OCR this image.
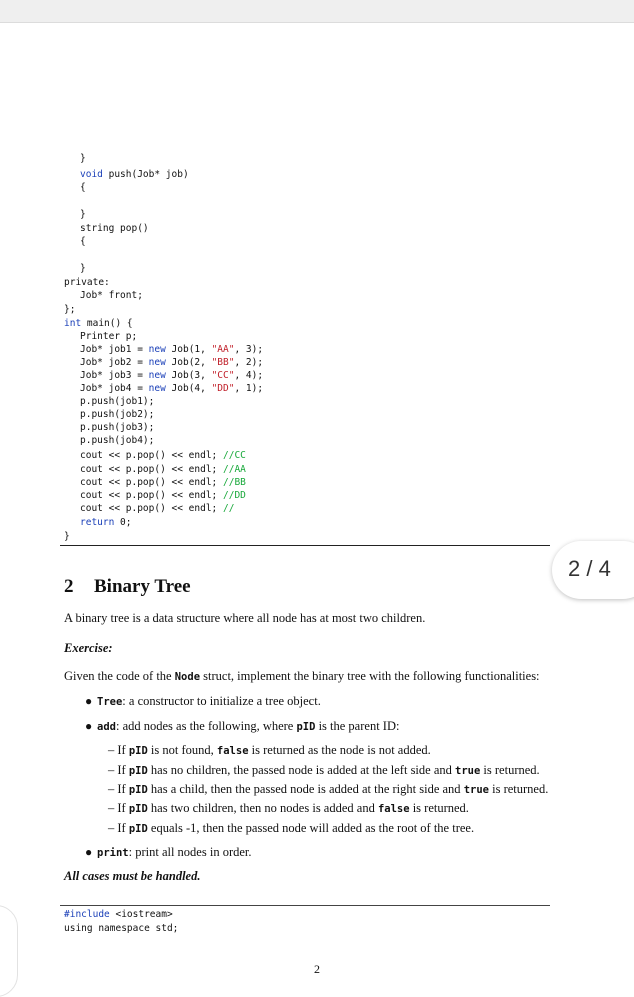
}

void push(Job* job)

{

}

string pop()

{

}

private:

Job* front;

};

int main() {

Printer p;

Job* job1 = new Job(1, "AA", 3);

Job* job2 = new Job(2, "BB", 2);

Job* job3 = new Job(3, "CC", 4);

Job* job4 = new Job(4, "DD", 1);

p.push(job1);

p.push(job2);

p.push(job3);

p.push(job4);

cout << p.pop() << endl; //CC

cout << p.pop() << endl; //AA

cout << p.pop() << endl; //BB

cout << p.pop() << endl; //DD

cout << p.pop() << endl; //

return 0;

}

2 / 4
2 Binary Tree
A binary tree is a data structure where all node has at most two children.
Exercise:
Given the code of the Node struct, implement the binary tree with the following functionalities:
● Tree: a constructor to initialize a tree object.
● add: add nodes as the following, where pID is the parent ID:
– If pID is not found, false is returned as the node is not added.
– If pID has no children, the passed node is added at the left side and true is returned.
– If pID has a child, then the passed node is added at the right side and true is returned.
– If pID has two children, then no nodes is added and false is returned.
– If pID equals -1, then the passed node will added as the root of the tree.
● print: print all nodes in order.
All cases must be handled.

#include <iostream>

using namespace std;

2
